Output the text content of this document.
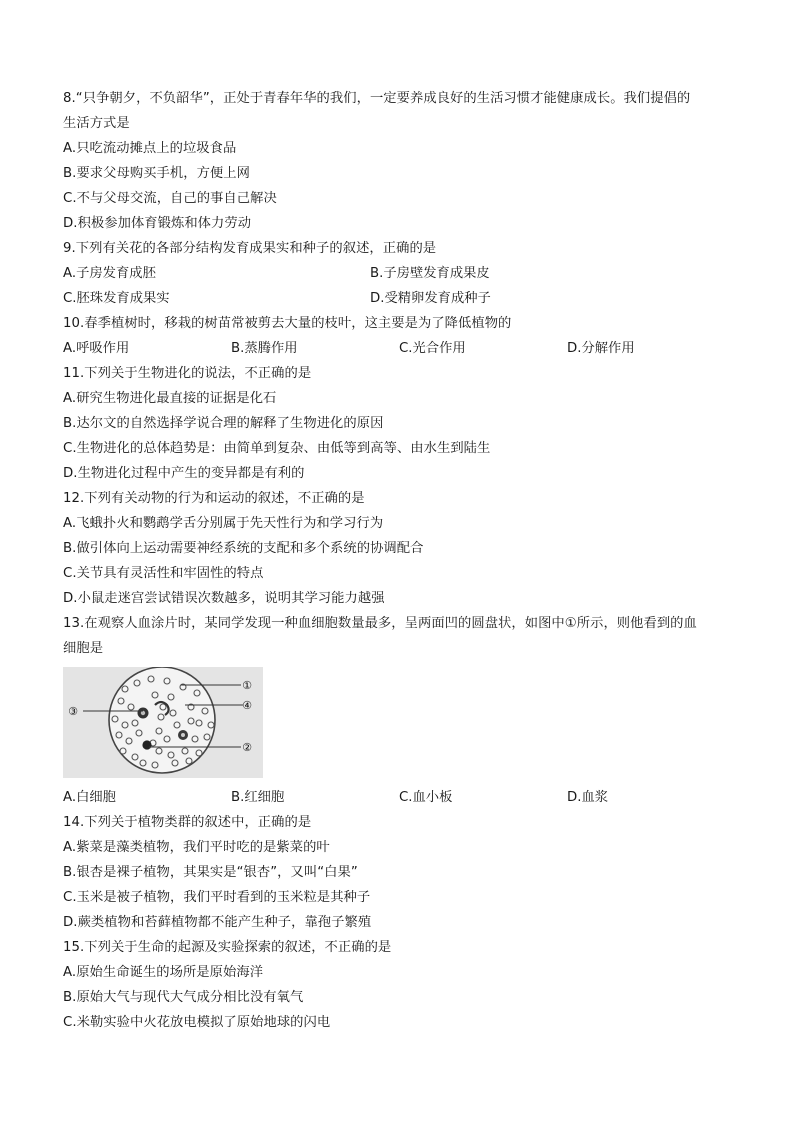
8.“只争朝夕，不负韶华”，正处于青春年华的我们，一定要养成良好的生活习惯才能健康成长。我们提倡的
生活方式是
A.只吃流动摊点上的垃圾食品
B.要求父母购买手机，方便上网
C.不与父母交流，自己的事自己解决
D.积极参加体育锻炼和体力劳动
9.下列有关花的各部分结构发育成果实和种子的叙述，正确的是
A.子房发育成胚	B.子房壁发育成果皮
C.胚珠发育成果实	D.受精卵发育成种子
10.春季植树时，移栽的树苗常被剪去大量的枝叶，这主要是为了降低植物的
A.呼吸作用	B.蒸腾作用	C.光合作用	D.分解作用
11.下列关于生物进化的说法，不正确的是
A.研究生物进化最直接的证据是化石
B.达尔文的自然选择学说合理的解释了生物进化的原因
C.生物进化的总体趋势是：由简单到复杂、由低等到高等、由水生到陆生
D.生物进化过程中产生的变异都是有利的
12.下列有关动物的行为和运动的叙述，不正确的是
A.飞蛾扑火和鹦鹉学舌分别属于先天性行为和学习行为
B.做引体向上运动需要神经系统的支配和多个系统的协调配合
C.关节具有灵活性和牢固性的特点
D.小鼠走迷宫尝试错误次数越多，说明其学习能力越强
13.在观察人血涂片时，某同学发现一种血细胞数量最多，呈两面凹的圆盘状，如图中①所示，则他看到的血
细胞是
④
③
②
①
A.白细胞	B.红细胞	C.血小板	D.血浆
14.下列关于植物类群的叙述中，正确的是
A.紫菜是藻类植物，我们平时吃的是紫菜的叶
B.银杏是裸子植物，其果实是“银杏”，又叫“白果”
C.玉米是被子植物，我们平时看到的玉米粒是其种子
D.蕨类植物和苔藓植物都不能产生种子，靠孢子繁殖
15.下列关于生命的起源及实验探索的叙述，不正确的是
A.原始生命诞生的场所是原始海洋
B.原始大气与现代大气成分相比没有氧气
C.米勒实验中火花放电模拟了原始地球的闪电
